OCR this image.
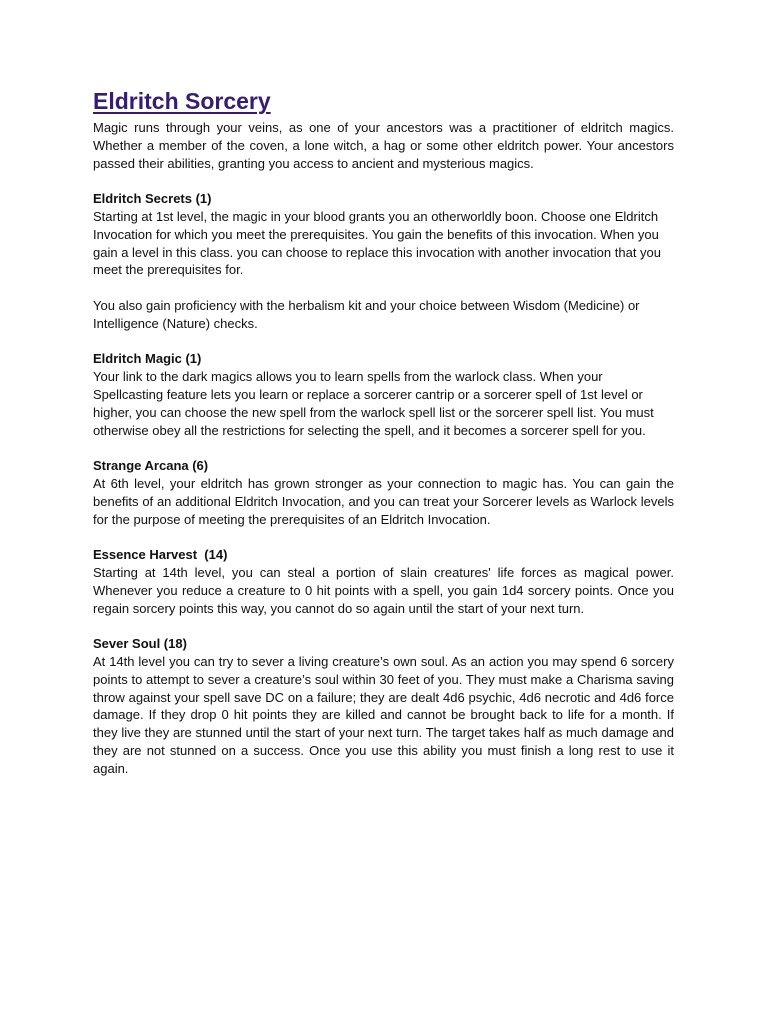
Eldritch Sorcery

Magic runs through your veins, as one of your ancestors was a practitioner of eldritch magics. Whether a member of the coven, a lone witch, a hag or some other eldritch power. Your ancestors passed their abilities, granting you access to ancient and mysterious magics.

Eldritch Secrets (1)

Starting at 1st level, the magic in your blood grants you an otherworldly boon. Choose one Eldritch Invocation for which you meet the prerequisites. You gain the benefits of this invocation. When you gain a level in this class. you can choose to replace this invocation with another invocation that you meet the prerequisites for.

You also gain proficiency with the herbalism kit and your choice between Wisdom (Medicine) or Intelligence (Nature) checks.

Eldritch Magic (1)

Your link to the dark magics allows you to learn spells from the warlock class. When your Spellcasting feature lets you learn or replace a sorcerer cantrip or a sorcerer spell of 1st level or higher, you can choose the new spell from the warlock spell list or the sorcerer spell list. You must otherwise obey all the restrictions for selecting the spell, and it becomes a sorcerer spell for you.

Strange Arcana (6)

At 6th level, your eldritch has grown stronger as your connection to magic has. You can gain the benefits of an additional Eldritch Invocation, and you can treat your Sorcerer levels as Warlock levels for the purpose of meeting the prerequisites of an Eldritch Invocation.

Essence Harvest  (14)

Starting at 14th level, you can steal a portion of slain creatures' life forces as magical power. Whenever you reduce a creature to 0 hit points with a spell, you gain 1d4 sorcery points. Once you regain sorcery points this way, you cannot do so again until the start of your next turn.

Sever Soul (18)

At 14th level you can try to sever a living creature’s own soul. As an action you may spend 6 sorcery points to attempt to sever a creature’s soul within 30 feet of you. They must make a Charisma saving throw against your spell save DC on a failure; they are dealt 4d6 psychic, 4d6 necrotic and 4d6 force damage. If they drop 0 hit points they are killed and cannot be brought back to life for a month. If they live they are stunned until the start of your next turn. The target takes half as much damage and they are not stunned on a success. Once you use this ability you must finish a long rest to use it again.
